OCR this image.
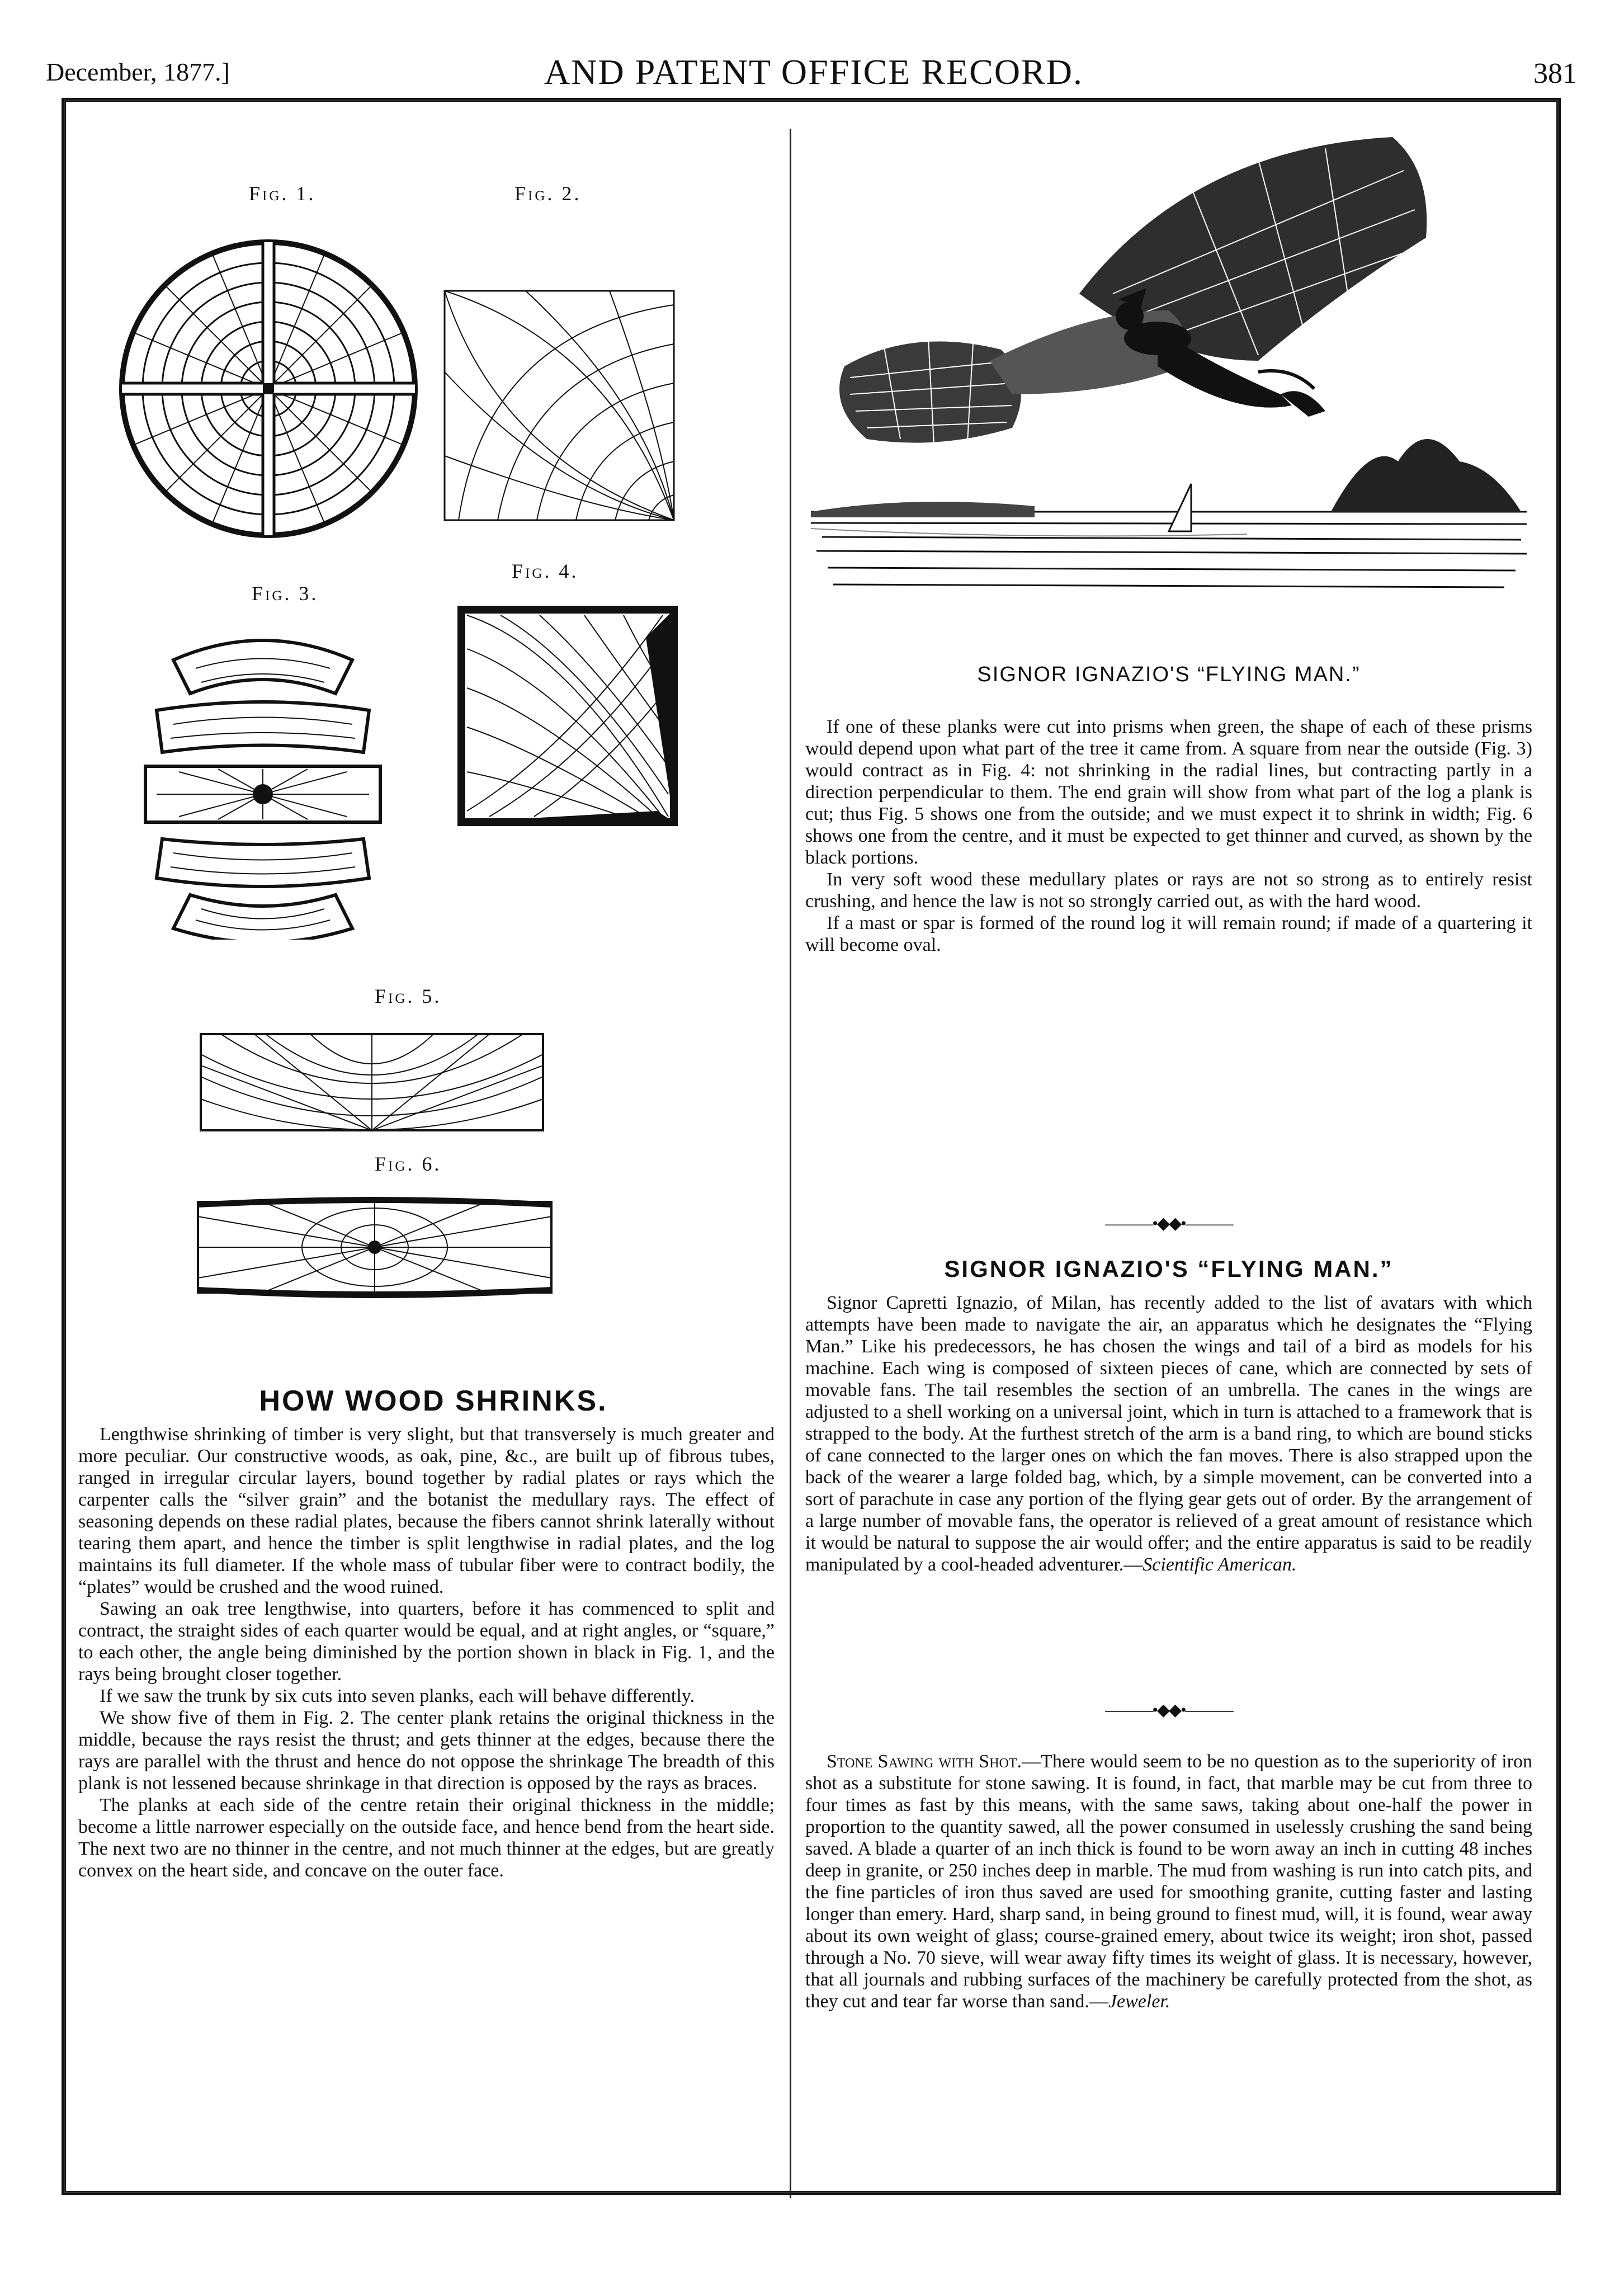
December, 1877.]	AND PATENT OFFICE RECORD.	381
Fig. 1.	Fig. 2.
Fig. 3.
Fig. 4.
Fig. 5.
Fig. 6.
HOW WOOD SHRINKS.

Lengthwise shrinking of timber is very slight, but that transversely is much greater and more peculiar. Our constructive woods, as oak, pine, &c., are built up of fibrous tubes, ranged in irregular circular layers, bound together by radial plates or rays which the carpenter calls the “silver grain” and the botanist the medullary rays. The effect of seasoning depends on these radial plates, because the fibers cannot shrink laterally without tearing them apart, and hence the timber is split lengthwise in radial plates, and the log maintains its full diameter. If the whole mass of tubular fiber were to contract bodily, the “plates” would be crushed and the wood ruined.

Sawing an oak tree lengthwise, into quarters, before it has commenced to split and contract, the straight sides of each quarter would be equal, and at right angles, or “square,” to each other, the angle being diminished by the portion shown in black in Fig. 1, and the rays being brought closer together.

If we saw the trunk by six cuts into seven planks, each will behave differently.

We show five of them in Fig. 2. The center plank retains the original thickness in the middle, because the rays resist the thrust; and gets thinner at the edges, because there the rays are parallel with the thrust and hence do not oppose the shrinkage The breadth of this plank is not lessened because shrinkage in that direction is opposed by the rays as braces.

The planks at each side of the centre retain their original thickness in the middle; become a little narrower especially on the outside face, and hence bend from the heart side. The next two are no thinner in the centre, and not much thinner at the edges, but are greatly convex on the heart side, and concave on the outer face.

SIGNOR IGNAZIO'S “FLYING MAN.”

If one of these planks were cut into prisms when green, the shape of each of these prisms would depend upon what part of the tree it came from. A square from near the outside (Fig. 3) would contract as in Fig. 4: not shrinking in the radial lines, but contracting partly in a direction perpendicular to them. The end grain will show from what part of the log a plank is cut; thus Fig. 5 shows one from the outside; and we must expect it to shrink in width; Fig. 6 shows one from the centre, and it must be expected to get thinner and curved, as shown by the black portions.

In very soft wood these medullary plates or rays are not so strong as to entirely resist crushing, and hence the law is not so strongly carried out, as with the hard wood.

If a mast or spar is formed of the round log it will remain round; if made of a quartering it will become oval.

———•◆◆•———
SIGNOR IGNAZIO'S “FLYING MAN.”

Signor Capretti Ignazio, of Milan, has recently added to the list of avatars with which attempts have been made to navigate the air, an apparatus which he designates the “Flying Man.” Like his predecessors, he has chosen the wings and tail of a bird as models for his machine. Each wing is composed of sixteen pieces of cane, which are connected by sets of movable fans. The tail resembles the section of an umbrella. The canes in the wings are adjusted to a shell working on a universal joint, which in turn is attached to a framework that is strapped to the body. At the furthest stretch of the arm is a band ring, to which are bound sticks of cane connected to the larger ones on which the fan moves. There is also strapped upon the back of the wearer a large folded bag, which, by a simple movement, can be converted into a sort of parachute in case any portion of the flying gear gets out of order. By the arrangement of a large number of movable fans, the operator is relieved of a great amount of resistance which it would be natural to suppose the air would offer; and the entire apparatus is said to be readily manipulated by a cool-headed adventurer.—Scientific American.

———•◆◆•———

Stone Sawing with Shot.—There would seem to be no question as to the superiority of iron shot as a substitute for stone sawing. It is found, in fact, that marble may be cut from three to four times as fast by this means, with the same saws, taking about one-half the power in proportion to the quantity sawed, all the power consumed in uselessly crushing the sand being saved. A blade a quarter of an inch thick is found to be worn away an inch in cutting 48 inches deep in granite, or 250 inches deep in marble. The mud from washing is run into catch pits, and the fine particles of iron thus saved are used for smoothing granite, cutting faster and lasting longer than emery. Hard, sharp sand, in being ground to finest mud, will, it is found, wear away about its own weight of glass; course-grained emery, about twice its weight; iron shot, passed through a No. 70 sieve, will wear away fifty times its weight of glass. It is necessary, however, that all journals and rubbing surfaces of the machinery be carefully protected from the shot, as they cut and tear far worse than sand.—Jeweler.
